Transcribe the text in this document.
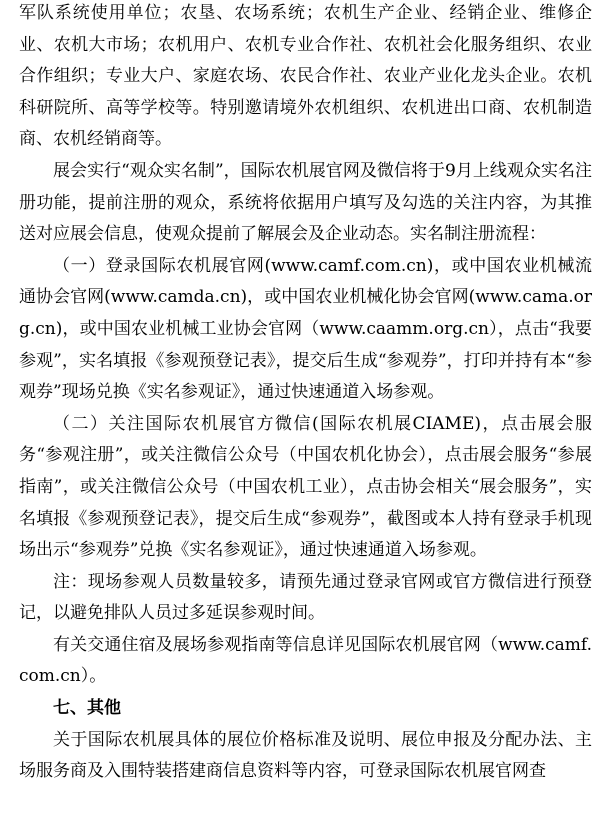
军队系统使用单位；农垦、农场系统；农机生产企业、经销企业、维修企业、农机大市场；农机用户、农机专业合作社、农机社会化服务组织、农业合作组织；专业大户、家庭农场、农民合作社、农业产业化龙头企业。农机科研院所、高等学校等。特别邀请境外农机组织、农机进出口商、农机制造商、农机经销商等。

展会实行“观众实名制”，国际农机展官网及微信将于9月上线观众实名注册功能，提前注册的观众，系统将依据用户填写及勾选的关注内容，为其推送对应展会信息，使观众提前了解展会及企业动态。实名制注册流程：

（一）登录国际农机展官网(www.camf.com.cn)，或中国农业机械流通协会官网(www.camda.cn)，或中国农业机械化协会官网(www.cama.org.cn)，或中国农业机械工业协会官网（www.caamm.org.cn），点击“我要参观”，实名填报《参观预登记表》，提交后生成“参观券”，打印并持有本“参观券”现场兑换《实名参观证》，通过快速通道入场参观。

（二）关注国际农机展官方微信(国际农机展CIAME)，点击展会服务“参观注册”，或关注微信公众号（中国农机化协会），点击展会服务“参展指南”，或关注微信公众号（中国农机工业），点击协会相关“展会服务”，实名填报《参观预登记表》，提交后生成“参观券”，截图或本人持有登录手机现场出示“参观券”兑换《实名参观证》，通过快速通道入场参观。

注：现场参观人员数量较多，请预先通过登录官网或官方微信进行预登记，以避免排队人员过多延误参观时间。

有关交通住宿及展场参观指南等信息详见国际农机展官网（www.camf.com.cn）。

七、其他

关于国际农机展具体的展位价格标准及说明、展位申报及分配办法、主场服务商及入围特装搭建商信息资料等内容，可登录国际农机展官网查
